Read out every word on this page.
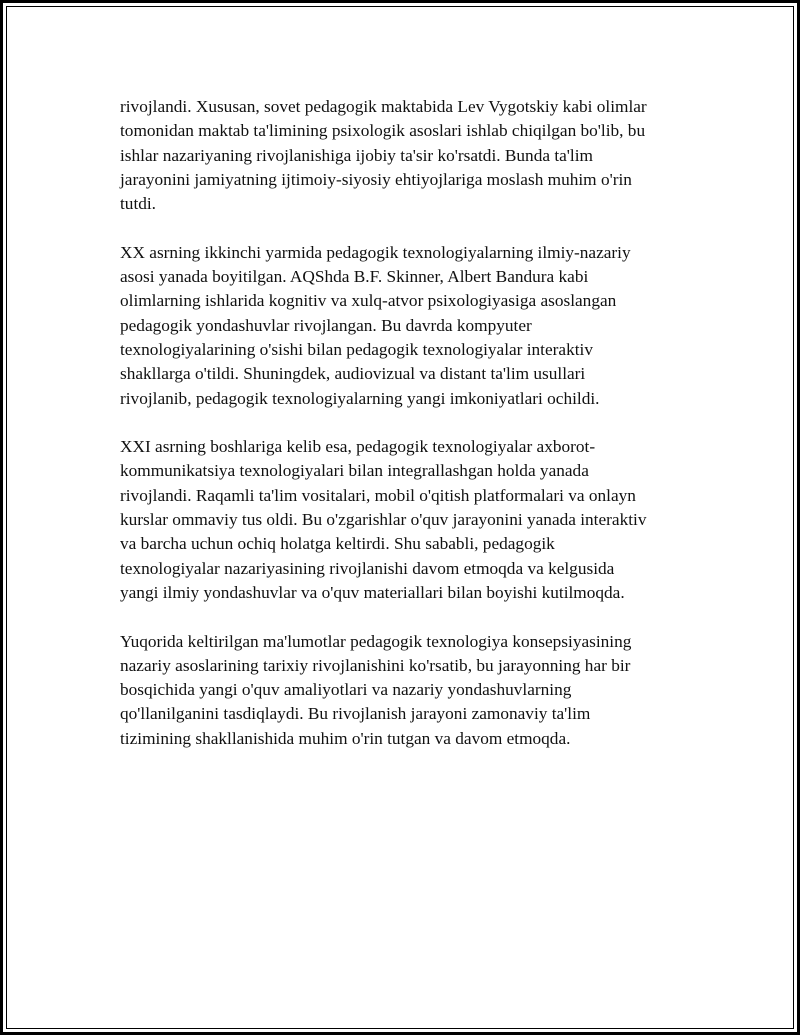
rivojlandi. Xususan, sovet pedagogik maktabida Lev Vygotskiy kabi olimlar
tomonidan maktab ta'limining psixologik asoslari ishlab chiqilgan bo'lib, bu
ishlar nazariyaning rivojlanishiga ijobiy ta'sir ko'rsatdi. Bunda ta'lim
jarayonini jamiyatning ijtimoiy-siyosiy ehtiyojlariga moslash muhim o'rin
tutdi.

XX asrning ikkinchi yarmida pedagogik texnologiyalarning ilmiy-nazariy
asosi yanada boyitilgan. AQShda B.F. Skinner, Albert Bandura kabi
olimlarning ishlarida kognitiv va xulq-atvor psixologiyasiga asoslangan
pedagogik yondashuvlar rivojlangan. Bu davrda kompyuter
texnologiyalarining o'sishi bilan pedagogik texnologiyalar interaktiv
shakllarga o'tildi. Shuningdek, audiovizual va distant ta'lim usullari
rivojlanib, pedagogik texnologiyalarning yangi imkoniyatlari ochildi.

XXI asrning boshlariga kelib esa, pedagogik texnologiyalar axborot-
kommunikatsiya texnologiyalari bilan integrallashgan holda yanada
rivojlandi. Raqamli ta'lim vositalari, mobil o'qitish platformalari va onlayn
kurslar ommaviy tus oldi. Bu o'zgarishlar o'quv jarayonini yanada interaktiv
va barcha uchun ochiq holatga keltirdi. Shu sababli, pedagogik
texnologiyalar nazariyasining rivojlanishi davom etmoqda va kelgusida
yangi ilmiy yondashuvlar va o'quv materiallari bilan boyishi kutilmoqda.

Yuqorida keltirilgan ma'lumotlar pedagogik texnologiya konsepsiyasining
nazariy asoslarining tarixiy rivojlanishini ko'rsatib, bu jarayonning har bir
bosqichida yangi o'quv amaliyotlari va nazariy yondashuvlarning
qo'llanilganini tasdiqlaydi. Bu rivojlanish jarayoni zamonaviy ta'lim
tizimining shakllanishida muhim o'rin tutgan va davom etmoqda.
